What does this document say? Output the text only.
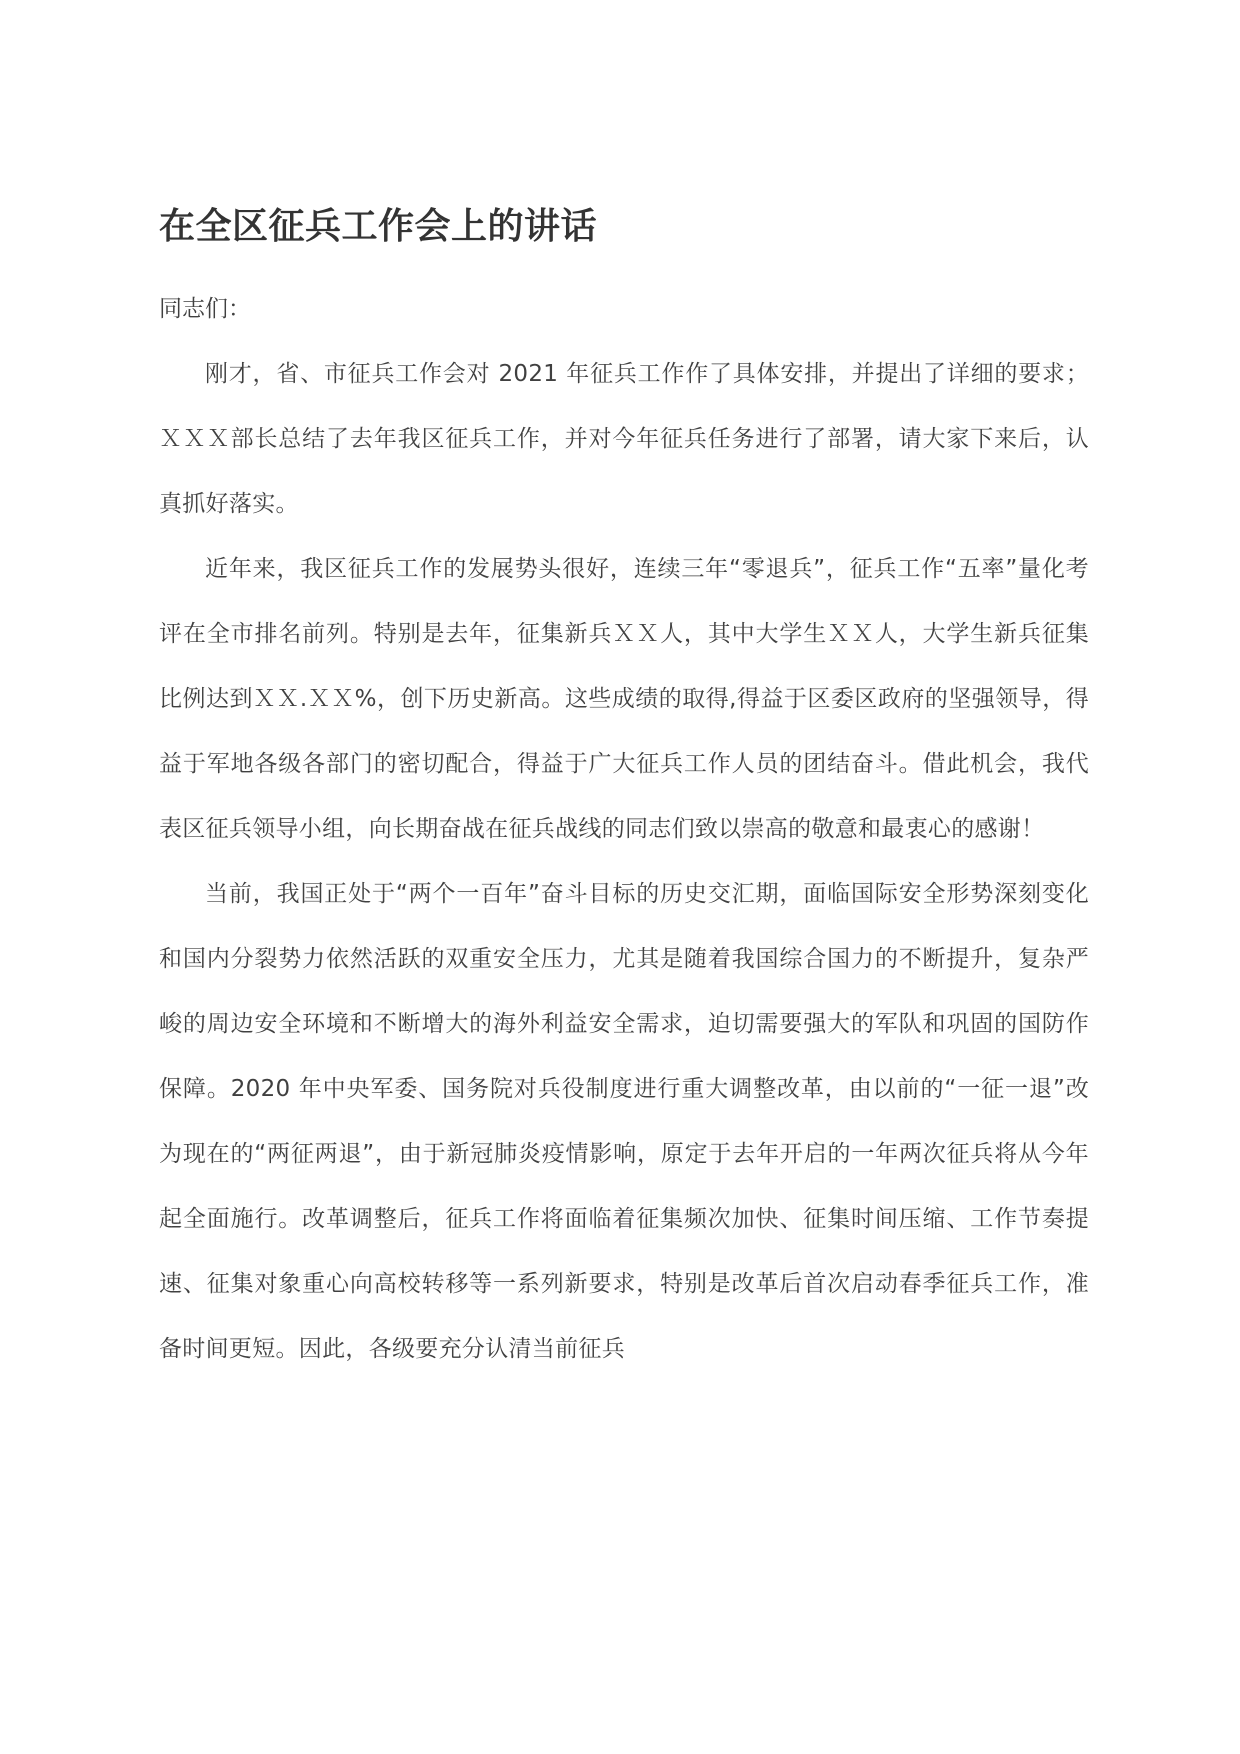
在全区征兵工作会上的讲话

同志们：

刚才，省、市征兵工作会对 2021 年征兵工作作了具体安排，并提出了详细的要求；ＸＸＸ部长总结了去年我区征兵工作，并对今年征兵任务进行了部署，请大家下来后，认真抓好落实。

近年来，我区征兵工作的发展势头很好，连续三年“零退兵”，征兵工作“五率”量化考评在全市排名前列。特别是去年，征集新兵ＸＸ人，其中大学生ＸＸ人，大学生新兵征集比例达到ＸＸ.ＸＸ%，创下历史新高。这些成绩的取得,得益于区委区政府的坚强领导，得益于军地各级各部门的密切配合，得益于广大征兵工作人员的团结奋斗。借此机会，我代表区征兵领导小组，向长期奋战在征兵战线的同志们致以崇高的敬意和最衷心的感谢！

当前，我国正处于“两个一百年”奋斗目标的历史交汇期，面临国际安全形势深刻变化和国内分裂势力依然活跃的双重安全压力，尤其是随着我国综合国力的不断提升，复杂严峻的周边安全环境和不断增大的海外利益安全需求，迫切需要强大的军队和巩固的国防作保障。2020 年中央军委、国务院对兵役制度进行重大调整改革，由以前的“一征一退”改为现在的“两征两退”，由于新冠肺炎疫情影响，原定于去年开启的一年两次征兵将从今年起全面施行。改革调整后，征兵工作将面临着征集频次加快、征集时间压缩、工作节奏提速、征集对象重心向高校转移等一系列新要求，特别是改革后首次启动春季征兵工作，准备时间更短。因此，各级要充分认清当前征兵
